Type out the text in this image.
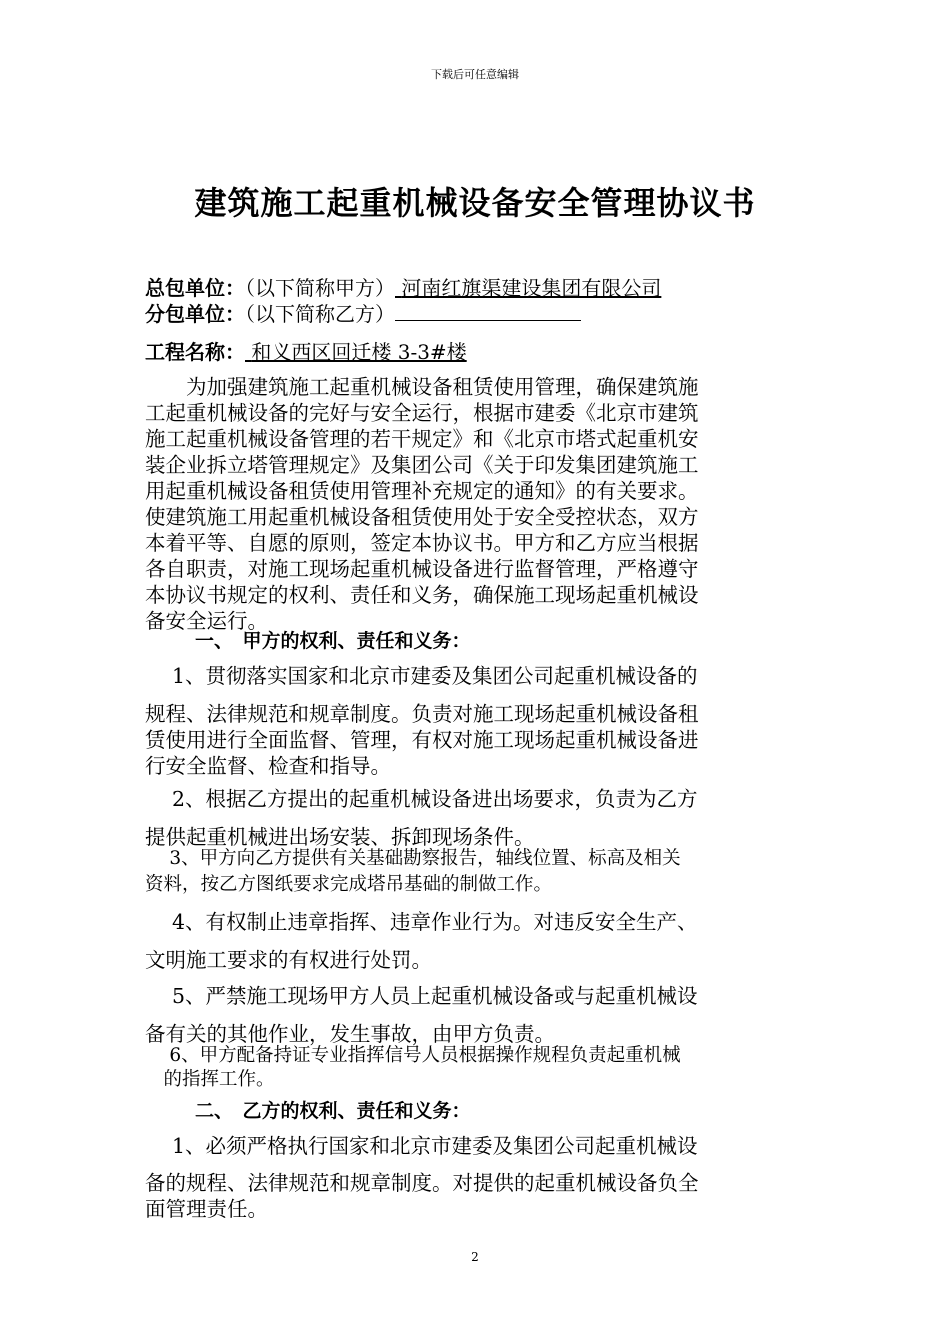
下载后可任意编辑
建筑施工起重机械设备安全管理协议书
总包单位：（以下简称甲方） 河南红旗渠建设集团有限公司
分包单位：（以下简称乙方）
工程名称： 和义西区回迁楼 3-3#楼
　　为加强建筑施工起重机械设备租赁使用管理，确保建筑施
工起重机械设备的完好与安全运行，根据市建委《北京市建筑
施工起重机械设备管理的若干规定》和《北京市塔式起重机安
装企业拆立塔管理规定》及集团公司《关于印发集团建筑施工
用起重机械设备租赁使用管理补充规定的通知》的有关要求。
使建筑施工用起重机械设备租赁使用处于安全受控状态，双方
本着平等、自愿的原则，签定本协议书。甲方和乙方应当根据
各自职责，对施工现场起重机械设备进行监督管理，严格遵守
本协议书规定的权利、责任和义务，确保施工现场起重机械设
备安全运行。
一、　甲方的权利、责任和义务：
　 1、贯彻落实国家和北京市建委及集团公司起重机械设备的
规程、法律规范和规章制度。负责对施工现场起重机械设备租
赁使用进行全面监督、管理，有权对施工现场起重机械设备进
行安全监督、检查和指导。
　 2、根据乙方提出的起重机械设备进出场要求，负责为乙方
提供起重机械进出场安装、拆卸现场条件。
　 3、甲方向乙方提供有关基础勘察报告，轴线位置、标高及相关
资料，按乙方图纸要求完成塔吊基础的制做工作。
　 4、有权制止违章指挥、违章作业行为。对违反安全生产、
文明施工要求的有权进行处罚。
　 5、严禁施工现场甲方人员上起重机械设备或与起重机械设
备有关的其他作业，发生事故，由甲方负责。
　 6、甲方配备持证专业指挥信号人员根据操作规程负责起重机械
　的指挥工作。
二、　乙方的权利、责任和义务：
　 1、必须严格执行国家和北京市建委及集团公司起重机械设
备的规程、法律规范和规章制度。对提供的起重机械设备负全
面管理责任。
2
